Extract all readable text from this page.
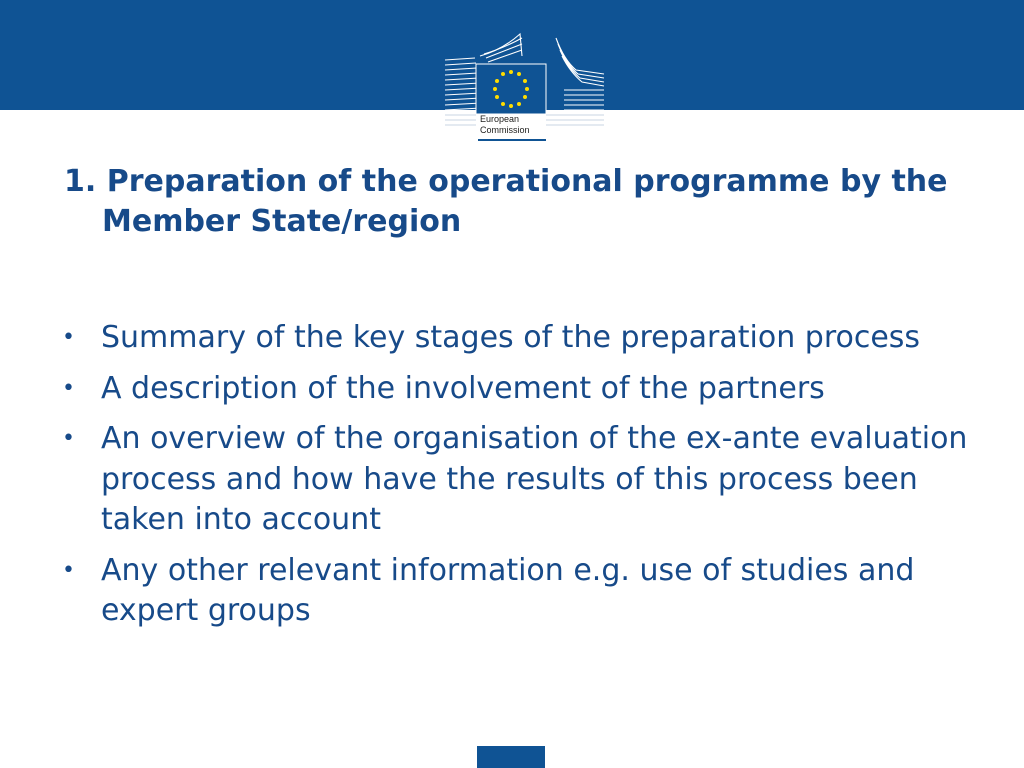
European
Commission
1. Preparation of the operational programme by the Member State/region
• Summary of the key stages of the preparation process
• A description of the involvement of the partners
• An overview of the organisation of the ex-ante evaluation process and how have the results of this process been taken into account
• Any other relevant information e.g. use of studies and expert groups
